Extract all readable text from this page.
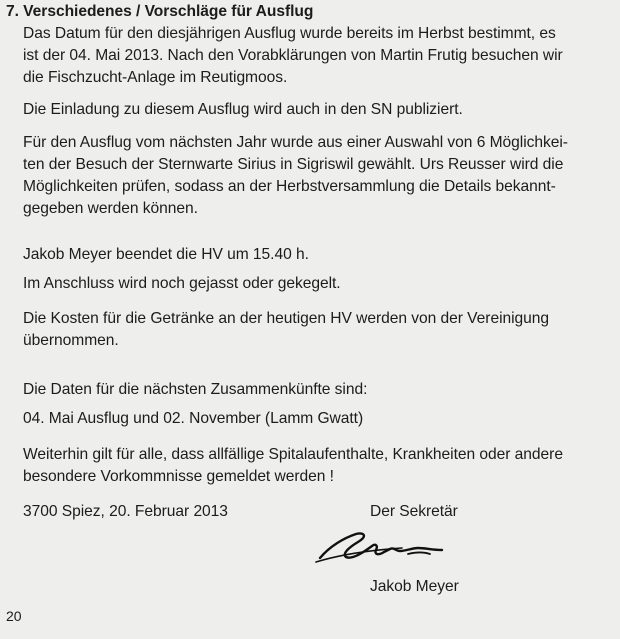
7. Verschiedenes / Vorschläge für Ausflug
Das Datum für den diesjährigen Ausflug wurde bereits im Herbst bestimmt, es
ist der 04. Mai 2013. Nach den Vorabklärungen von Martin Frutig besuchen wir
die Fischzucht-Anlage im Reutigmoos.
Die Einladung zu diesem Ausflug wird auch in den SN publiziert.
Für den Ausflug vom nächsten Jahr wurde aus einer Auswahl von 6 Möglichkei-
ten der Besuch der Sternwarte Sirius in Sigriswil gewählt. Urs Reusser wird die
Möglichkeiten prüfen, sodass an der Herbstversammlung die Details bekannt-
gegeben werden können.
Jakob Meyer beendet die HV um 15.40 h.
Im Anschluss wird noch gejasst oder gekegelt.
Die Kosten für die Getränke an der heutigen HV werden von der Vereinigung
übernommen.
Die Daten für die nächsten Zusammenkünfte sind:
04. Mai Ausflug und 02. November (Lamm Gwatt)
Weiterhin gilt für alle, dass allfällige Spitalaufenthalte, Krankheiten oder andere
besondere Vorkommnisse gemeldet werden !
3700 Spiez, 20. Februar 2013	Der Sekretär
Jakob Meyer
20
